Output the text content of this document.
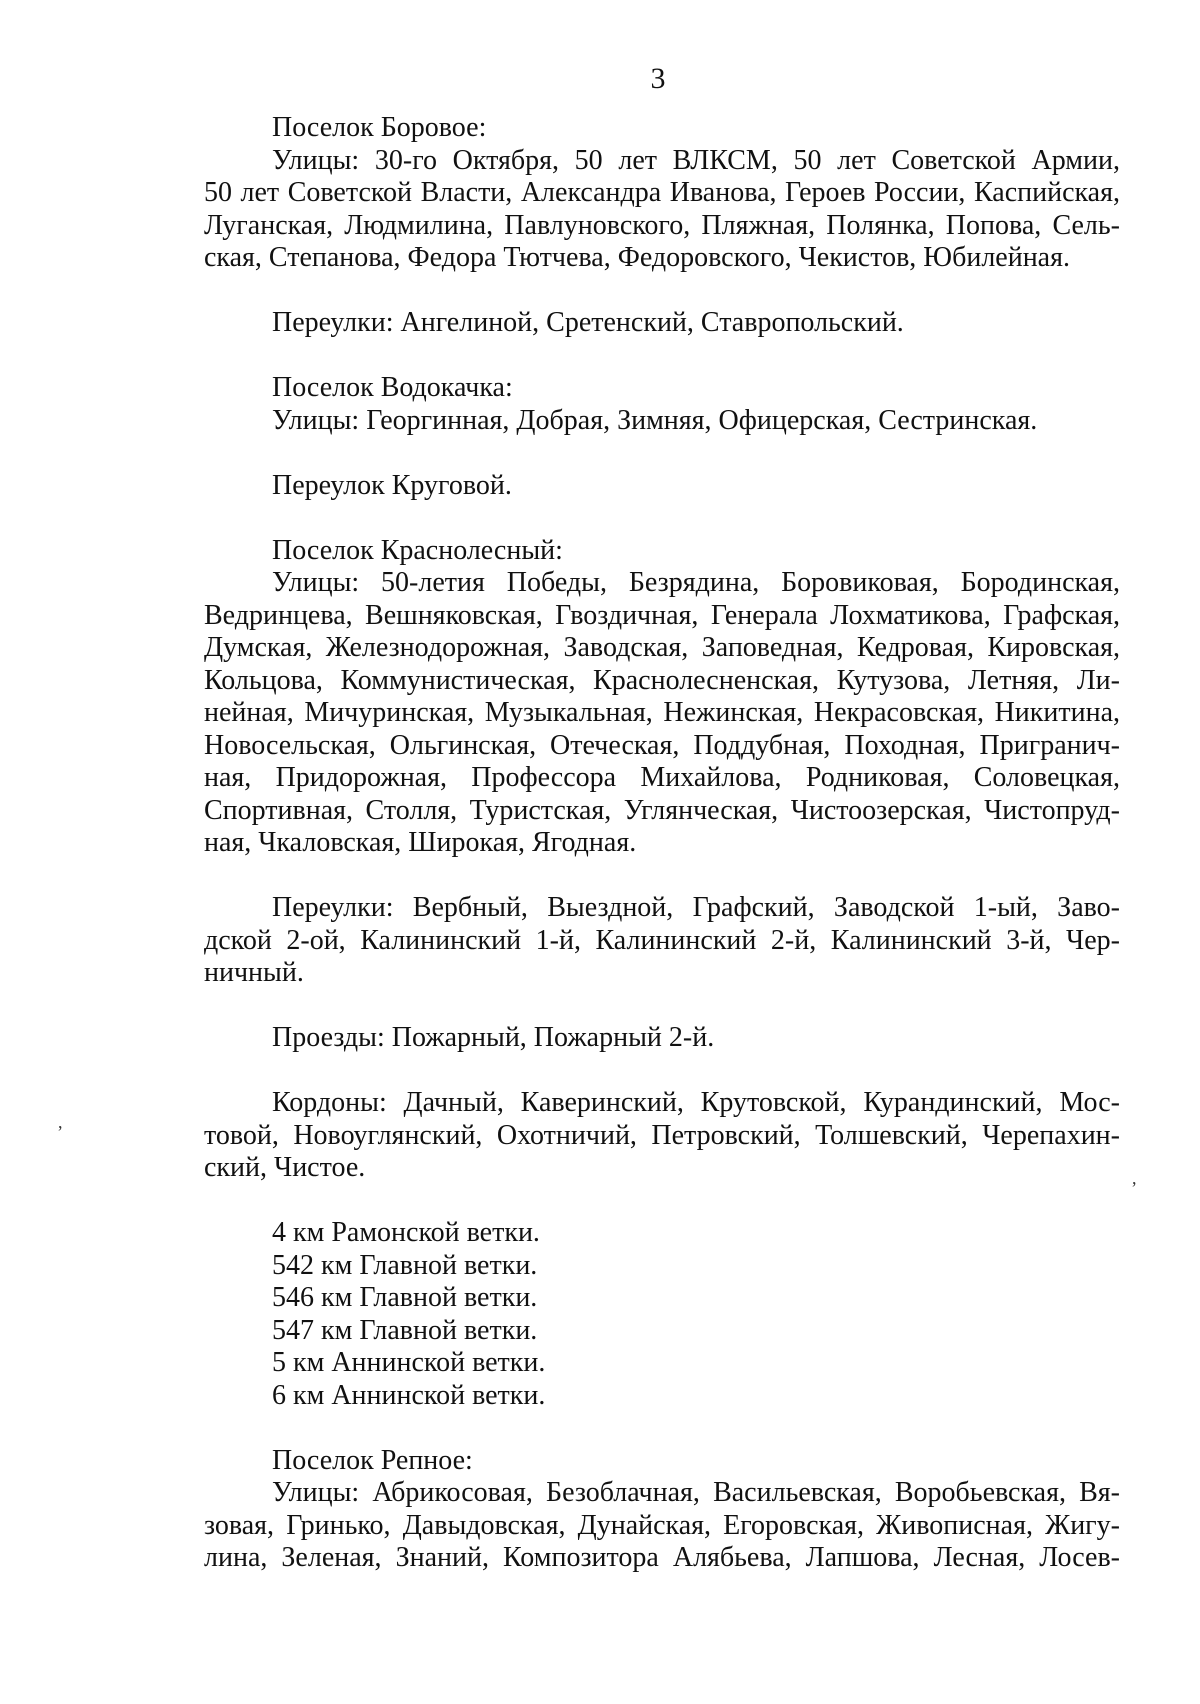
3
Поселок Боровое:
Улицы: 30-го Октября, 50 лет ВЛКСМ, 50 лет Советской Армии,
50 лет Советской Власти, Александра Иванова, Героев России, Каспийская,
Луганская, Людмилина, Павлуновского, Пляжная, Полянка, Попова, Сель-
ская, Степанова, Федора Тютчева, Федоровского, Чекистов, Юбилейная.
Переулки: Ангелиной, Сретенский, Ставропольский.
Поселок Водокачка:
Улицы: Георгинная, Добрая, Зимняя, Офицерская, Сестринская.
Переулок Круговой.
Поселок Краснолесный:
Улицы: 50-летия Победы, Безрядина, Боровиковая, Бородинская,
Ведринцева, Вешняковская, Гвоздичная, Генерала Лохматикова, Графская,
Думская, Железнодорожная, Заводская, Заповедная, Кедровая, Кировская,
Кольцова, Коммунистическая, Краснолесненская, Кутузова, Летняя, Ли-
нейная, Мичуринская, Музыкальная, Нежинская, Некрасовская, Никитина,
Новосельская, Ольгинская, Отеческая, Поддубная, Походная, Пригранич-
ная, Придорожная, Профессора Михайлова, Родниковая, Соловецкая,
Спортивная, Столля, Туристская, Углянческая, Чистоозерская, Чистопруд-
ная, Чкаловская, Широкая, Ягодная.
Переулки: Вербный, Выездной, Графский, Заводской 1-ый, Заво-
дской 2-ой, Калининский 1-й, Калининский 2-й, Калининский 3-й, Чер-
ничный.
Проезды: Пожарный, Пожарный 2-й.
Кордоны: Дачный, Каверинский, Крутовской, Курандинский, Мос-
товой, Новоуглянский, Охотничий, Петровский, Толшевский, Черепахин-
ский, Чистое.
4 км Рамонской ветки.
542 км Главной ветки.
546 км Главной ветки.
547 км Главной ветки.
5 км Аннинской ветки.
6 км Аннинской ветки.
Поселок Репное:
Улицы: Абрикосовая, Безоблачная, Васильевская, Воробьевская, Вя-
зовая, Гринько, Давыдовская, Дунайская, Егоровская, Живописная, Жигу-
лина, Зеленая, Знаний, Композитора Алябьева, Лапшова, Лесная, Лосев-
,
,
